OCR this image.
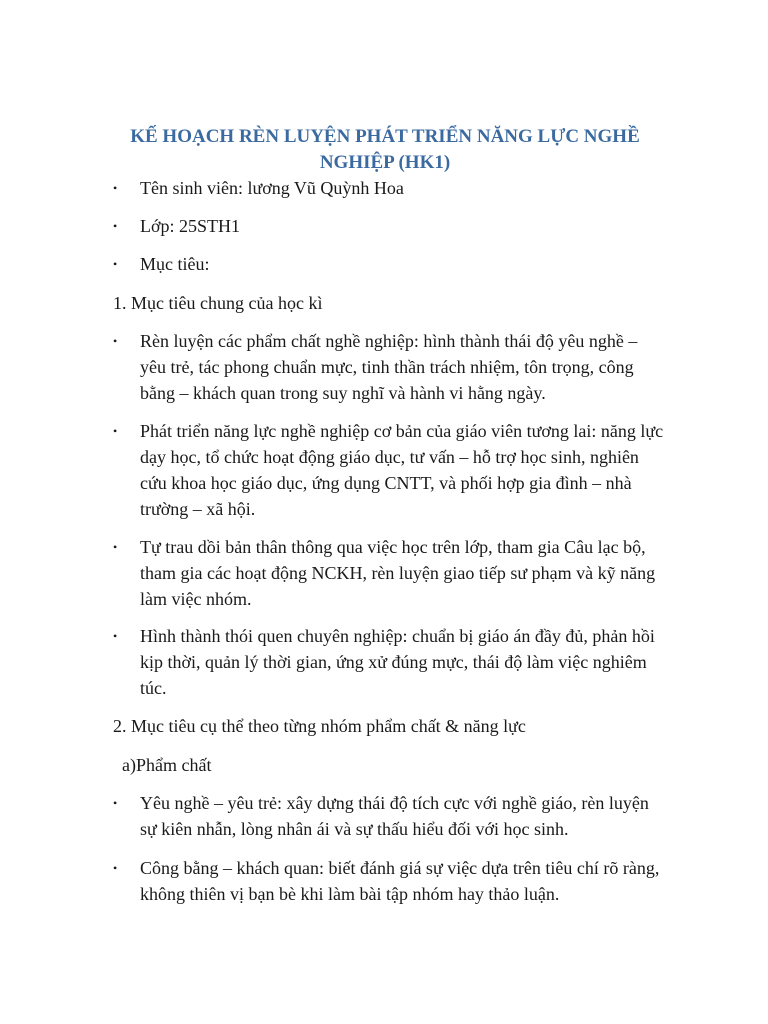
KẾ HOẠCH RÈN LUYỆN PHÁT TRIỂN NĂNG LỰC NGHỀ NGHIỆP (HK1)
•	Tên sinh viên: lương Vũ Quỳnh Hoa

•	Lớp: 25STH1

•	Mục tiêu:

1. Mục tiêu chung của học kì

•	Rèn luyện các phẩm chất nghề nghiệp: hình thành thái độ yêu nghề – yêu trẻ, tác phong chuẩn mực, tinh thần trách nhiệm, tôn trọng, công bằng – khách quan trong suy nghĩ và hành vi hằng ngày.

•	Phát triển năng lực nghề nghiệp cơ bản của giáo viên tương lai: năng lực dạy học, tổ chức hoạt động giáo dục, tư vấn – hỗ trợ học sinh, nghiên cứu khoa học giáo dục, ứng dụng CNTT, và phối hợp gia đình – nhà trường – xã hội.

•	Tự trau dồi bản thân thông qua việc học trên lớp, tham gia Câu lạc bộ, tham gia các hoạt động NCKH, rèn luyện giao tiếp sư phạm và kỹ năng làm việc nhóm.

•	Hình thành thói quen chuyên nghiệp: chuẩn bị giáo án đầy đủ, phản hồi kịp thời, quản lý thời gian, ứng xử đúng mực, thái độ làm việc nghiêm túc.

2. Mục tiêu cụ thể theo từng nhóm phẩm chất & năng lực

a)Phẩm chất

•	Yêu nghề – yêu trẻ: xây dựng thái độ tích cực với nghề giáo, rèn luyện sự kiên nhẫn, lòng nhân ái và sự thấu hiểu đối với học sinh.

•	Công bằng – khách quan: biết đánh giá sự việc dựa trên tiêu chí rõ ràng, không thiên vị bạn bè khi làm bài tập nhóm hay thảo luận.
